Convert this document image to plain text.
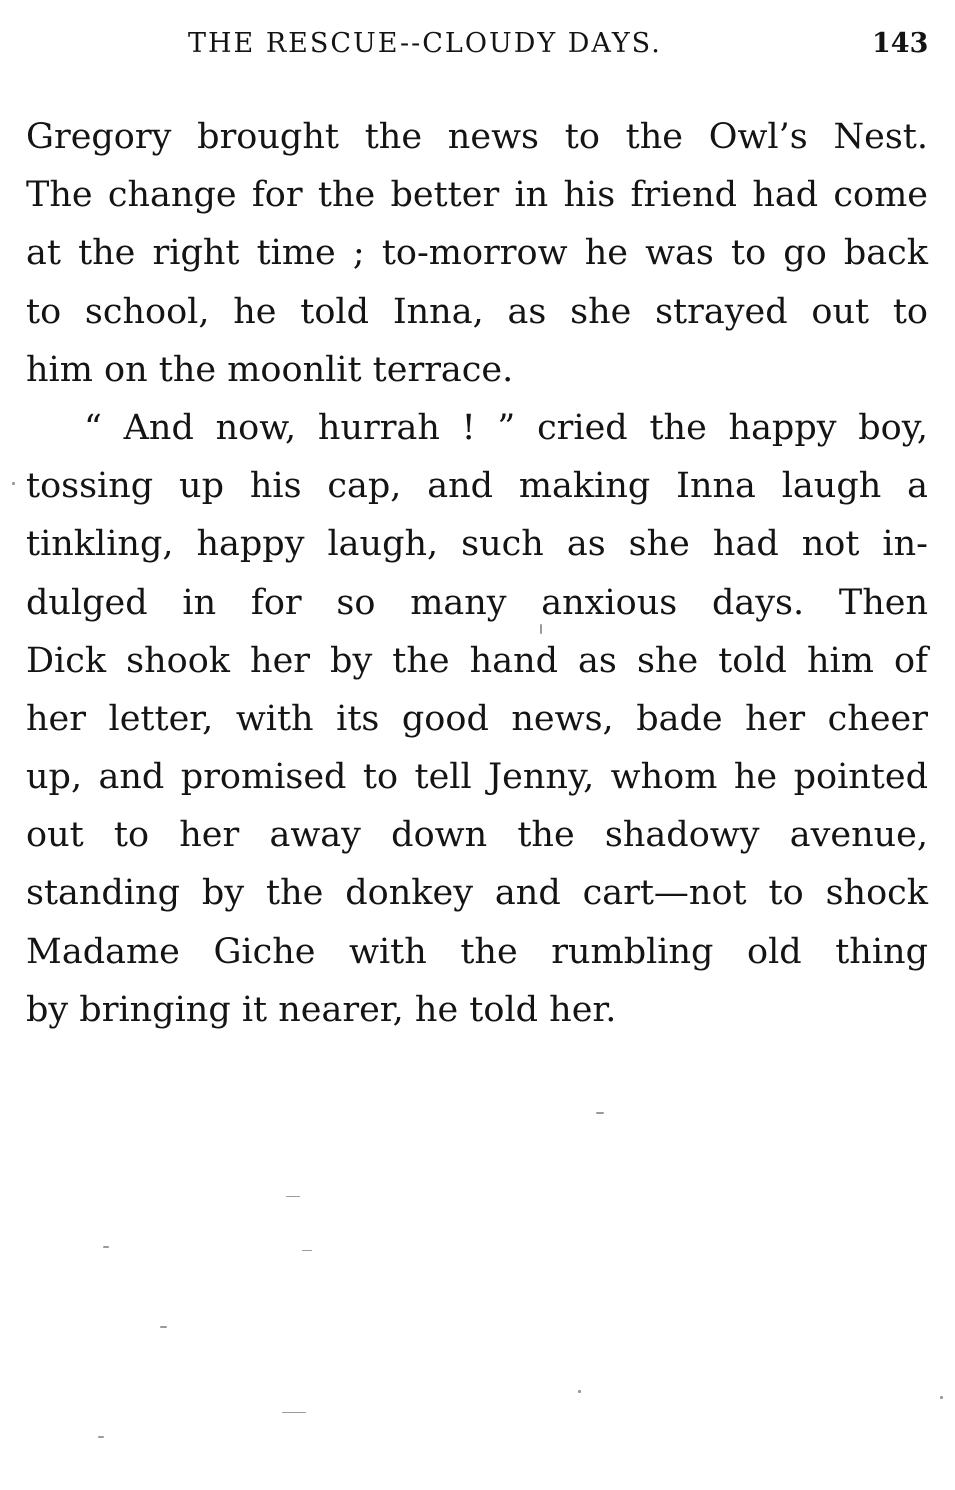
THE RESCUE--CLOUDY DAYS.	143
Gregory brought the news to the Owl’s Nest.
The change for the better in his friend had come
at the right time ; to-morrow he was to go back
to school, he told Inna, as she strayed out to
him on the moonlit terrace.
“ And now, hurrah ! ” cried the happy boy,
tossing up his cap, and making Inna laugh a
tinkling, happy laugh, such as she had not in-
dulged in for so many anxious days. Then
Dick shook her by the hand as she told him of
her letter, with its good news, bade her cheer
up, and promised to tell Jenny, whom he pointed
out to her away down the shadowy avenue,
standing by the donkey and cart—not to shock
Madame Giche with the rumbling old thing
by bringing it nearer, he told her.
